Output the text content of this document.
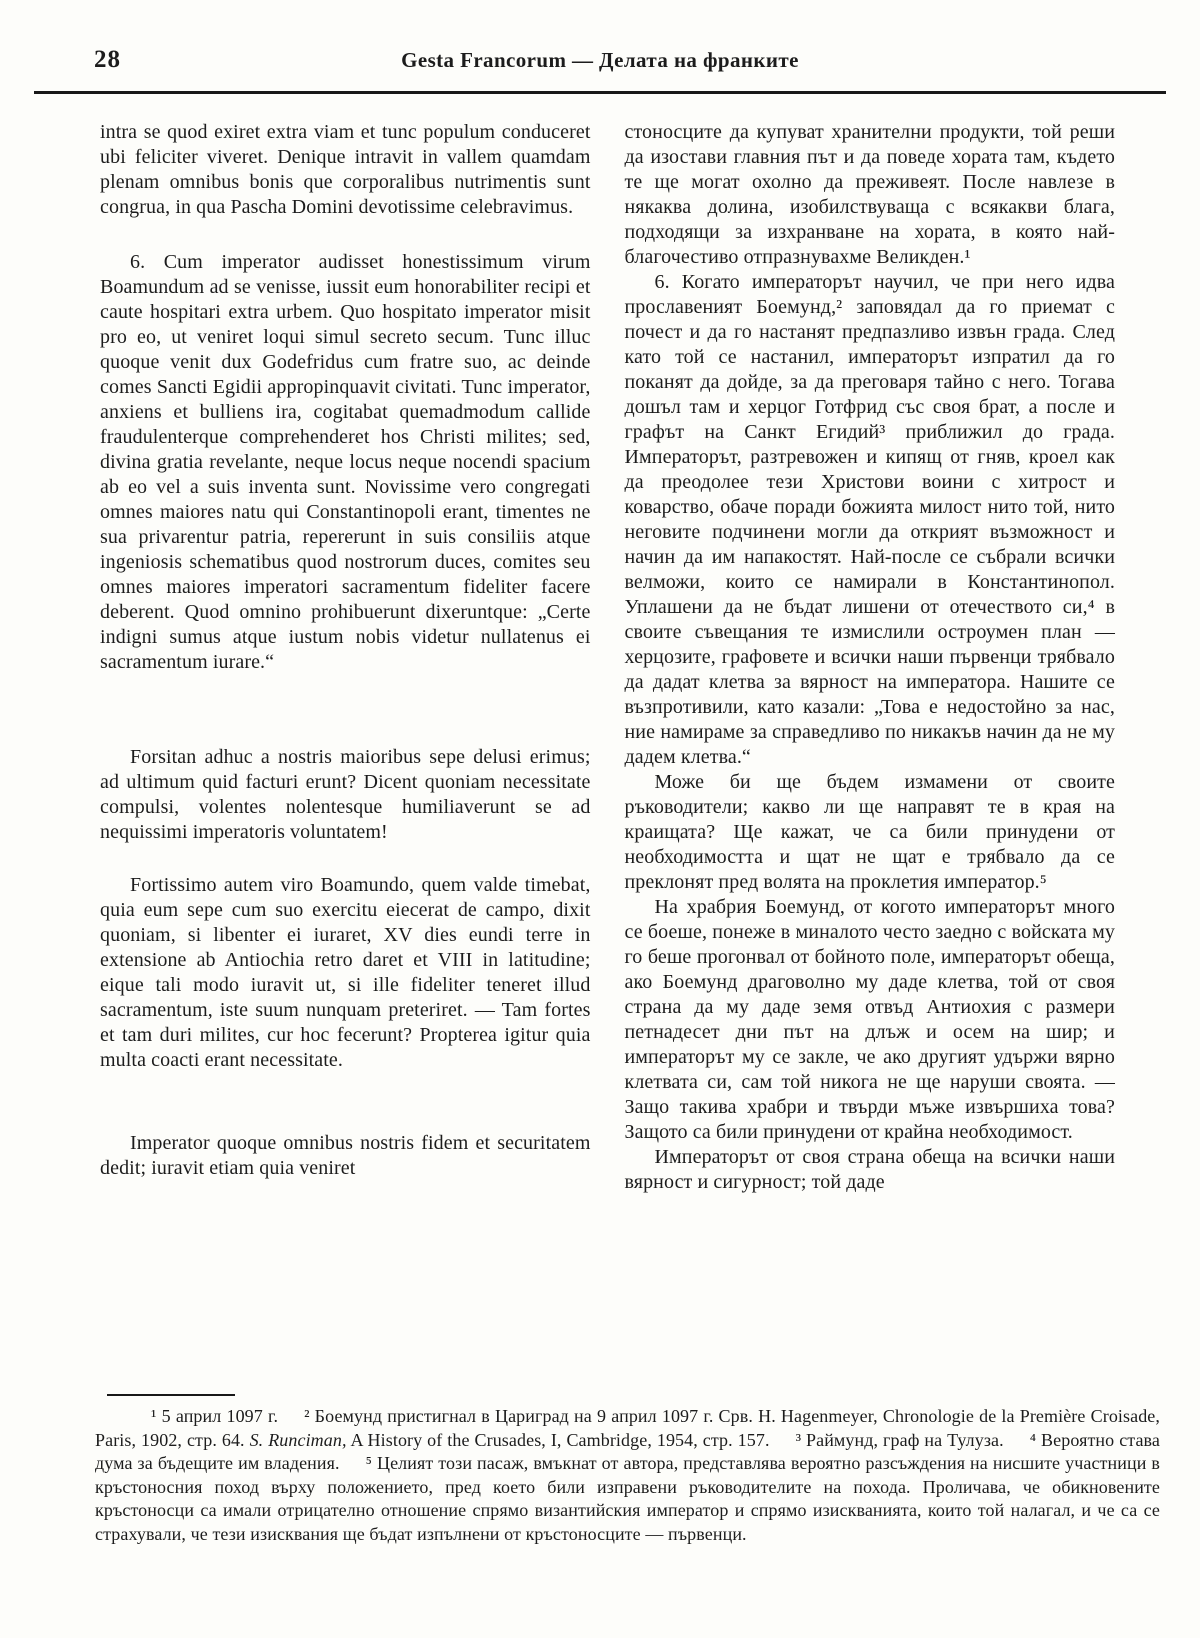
28	Gesta Francorum — Делата на франките

intra se quod exiret extra viam et tunc populum conduceret ubi feliciter viveret. Denique intravit in vallem quamdam plenam omnibus bonis que corporalibus nutrimentis sunt congrua, in qua Pascha Domini devotissime celebravimus.

6. Cum imperator audisset honestissimum virum Boamundum ad se venisse, iussit eum honorabiliter recipi et caute hospitari extra urbem. Quo hospitato imperator misit pro eo, ut veniret loqui simul secreto secum. Tunc illuc quoque venit dux Godefridus cum fratre suo, ac deinde comes Sancti Egidii appropinquavit civitati. Tunc imperator, anxiens et bulliens ira, cogitabat quemadmodum callide fraudulenterque comprehenderet hos Christi milites; sed, divina gratia revelante, neque locus neque nocendi spacium ab eo vel a suis inventa sunt. Novissime vero congregati omnes maiores natu qui Constantinopoli erant, timentes ne sua privarentur patria, repererunt in suis consiliis atque ingeniosis schematibus quod nostrorum duces, comites seu omnes maiores imperatori sacramentum fideliter facere deberent. Quod omnino prohibuerunt dixeruntque: „Certe indigni sumus atque iustum nobis videtur nullatenus ei sacramentum iurare.“

Forsitan adhuc a nostris maioribus sepe delusi erimus; ad ultimum quid facturi erunt? Dicent quoniam necessitate compulsi, volentes nolentesque humiliaverunt se ad nequissimi imperatoris voluntatem!

Fortissimo autem viro Boamundo, quem valde timebat, quia eum sepe cum suo exercitu eiecerat de campo, dixit quoniam, si libenter ei iuraret, XV dies eundi terre in extensione ab Antiochia retro daret et VIII in latitudine; eique tali modo iuravit ut, si ille fideliter teneret illud sacramentum, iste suum nunquam preteriret. — Tam fortes et tam duri milites, cur hoc fecerunt? Propterea igitur quia multa coacti erant necessitate.

Imperator quoque omnibus nostris fidem et securitatem dedit; iuravit etiam quia veniret

стоносците да купуват хранителни продукти, той реши да изостави главния път и да поведе хората там, където те ще могат охолно да преживеят. После навлезе в някаква долина, изобилствуваща с всякакви блага, подходящи за изхранване на хората, в която най-благочестиво отпразнувахме Великден.¹

6. Когато императорът научил, че при него идва прославеният Боемунд,² заповядал да го приемат с почест и да го настанят предпазливо извън града. След като той се настанил, императорът изпратил да го поканят да дойде, за да преговаря тайно с него. Тогава дошъл там и херцог Готфрид със своя брат, а после и графът на Санкт Егидий³ приближил до града. Императорът, разтревожен и кипящ от гняв, кроел как да преодолее тези Христови воини с хитрост и коварство, обаче поради божията милост нито той, нито неговите подчинени могли да открият възможност и начин да им напакостят. Най-после се събрали всички велможи, които се намирали в Константинопол. Уплашени да не бъдат лишени от отечеството си,⁴ в своите съвещания те измислили остроумен план — херцозите, графовете и всички наши първенци трябвало да дадат клетва за вярност на императора. Нашите се възпротивили, като казали: „Това е недостойно за нас, ние намираме за справедливо по никакъв начин да не му дадем клетва.“

Може би ще бъдем измамени от своите ръководители; какво ли ще направят те в края на краищата? Ще кажат, че са били принудени от необходимостта и щат не щат е трябвало да се преклонят пред волята на проклетия император.⁵

На храбрия Боемунд, от когото императорът много се боеше, понеже в миналото често заедно с войската му го беше прогонвал от бойното поле, императорът обеща, ако Боемунд драговолно му даде клетва, той от своя страна да му даде земя отвъд Антиохия с размери петнадесет дни път на длъж и осем на шир; и императорът му се закле, че ако другият удържи вярно клетвата си, сам той никога не ще наруши своята. — Защо такива храбри и твърди мъже извършиха това? Защото са били принудени от крайна необходимост.

Императорът от своя страна обеща на всички наши вярност и сигурност; той даде

¹ 5 април 1097 г. ² Боемунд пристигнал в Цариград на 9 април 1097 г. Срв. H. Hagenmeyer, Chronologie de la Première Croisade, Paris, 1902, стр. 64. S. Runciman, A History of the Crusades, I, Cambridge, 1954, стр. 157. ³ Раймунд, граф на Тулуза. ⁴ Вероятно става дума за бъдещите им владения. ⁵ Целият този пасаж, вмъкнат от автора, представлява вероятно разсъждения на нисшите участници в кръстоносния поход върху положението, пред което били изправени ръководителите на похода. Проличава, че обикновените кръстоносци са имали отрицателно отношение спрямо византийския император и спрямо изискванията, които той налагал, и че са се страхували, че тези изисквания ще бъдат изпълнени от кръстоносците — първенци.
